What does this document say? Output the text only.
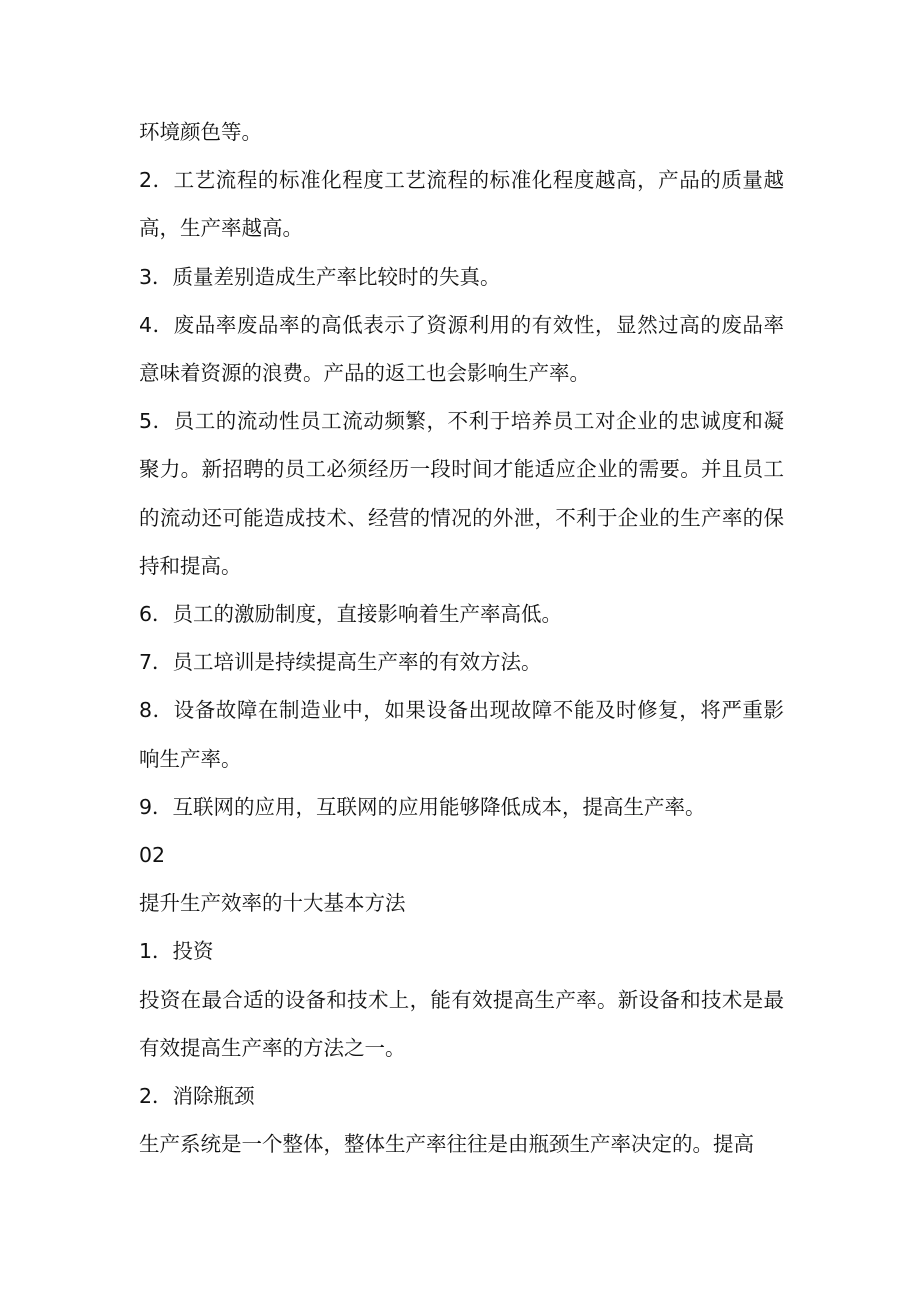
环境颜色等。

2．工艺流程的标准化程度工艺流程的标准化程度越高，产品的质量越高，生产率越高。

3．质量差别造成生产率比较时的失真。

4．废品率废品率的高低表示了资源利用的有效性，显然过高的废品率意味着资源的浪费。产品的返工也会影响生产率。

5．员工的流动性员工流动频繁，不利于培养员工对企业的忠诚度和凝聚力。新招聘的员工必须经历一段时间才能适应企业的需要。并且员工的流动还可能造成技术、经营的情况的外泄，不利于企业的生产率的保持和提高。

6．员工的激励制度，直接影响着生产率高低。

7．员工培训是持续提高生产率的有效方法。

8．设备故障在制造业中，如果设备出现故障不能及时修复，将严重影响生产率。

9．互联网的应用，互联网的应用能够降低成本，提高生产率。

02

提升生产效率的十大基本方法

1．投资

投资在最合适的设备和技术上，能有效提高生产率。新设备和技术是最有效提高生产率的方法之一。

2．消除瓶颈

生产系统是一个整体，整体生产率往往是由瓶颈生产率决定的。提高
